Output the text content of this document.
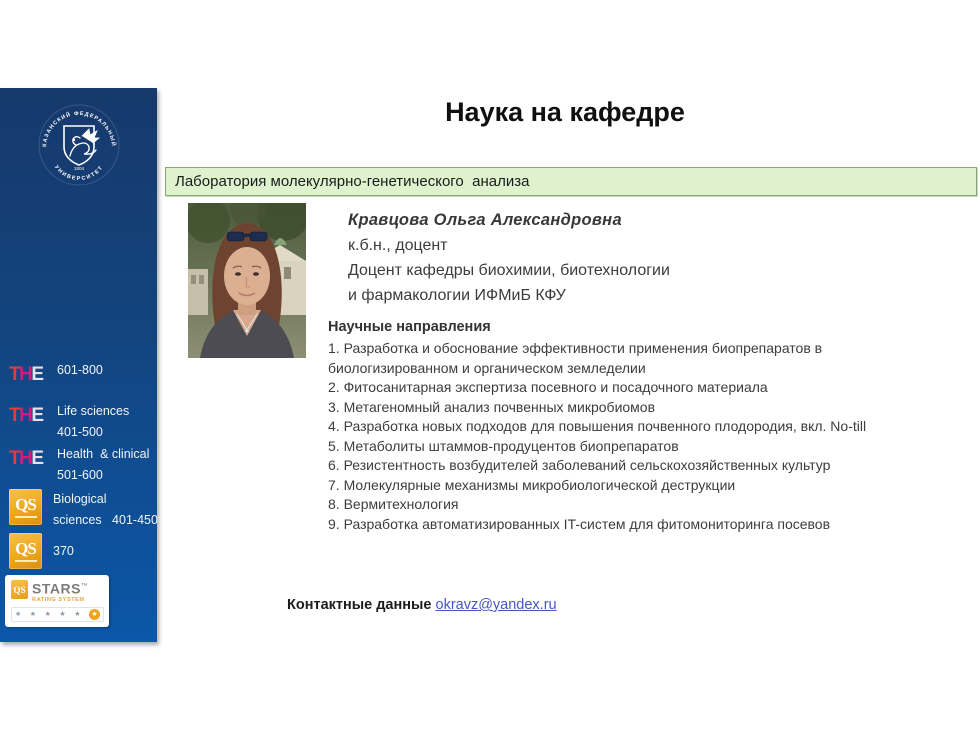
Наука на кафедре
КАЗАНСКИЙ ФЕДЕРАЛЬНЫЙ
УНИВЕРСИТЕТ
1804
THE 601-800
THE Life sciences
401-500
THE Health  & clinical
501-600
QS Biological
sciences   401-450
QS 370
QS STARS™
RATING SYSTEM
★ ★ ★ ★ ★	★
Лаборатория молекулярно-генетического  анализа
Кравцова Ольга Александровна
к.б.н., доцент
Доцент кафедры биохимии, биотехнологии
и фармакологии ИФМиБ КФУ
Научные направления
1. Разработка и обоснование эффективности применения биопрепаратов в биологизированном и органическом земледелии
2. Фитосанитарная экспертиза посевного и посадочного материала
3. Метагеномный анализ почвенных микробиомов
4. Разработка новых подходов для повышения почвенного плодородия, вкл. No-till
5. Метаболиты штаммов-продуцентов биопрепаратов
6. Резистентность возбудителей заболеваний сельскохозяйственных культур
7. Молекулярные механизмы микробиологической деструкции
8. Вермитехнология
9. Разработка автоматизированных IT-систем для фитомониторинга посевов
Контактные данные okravz@yandex.ru
